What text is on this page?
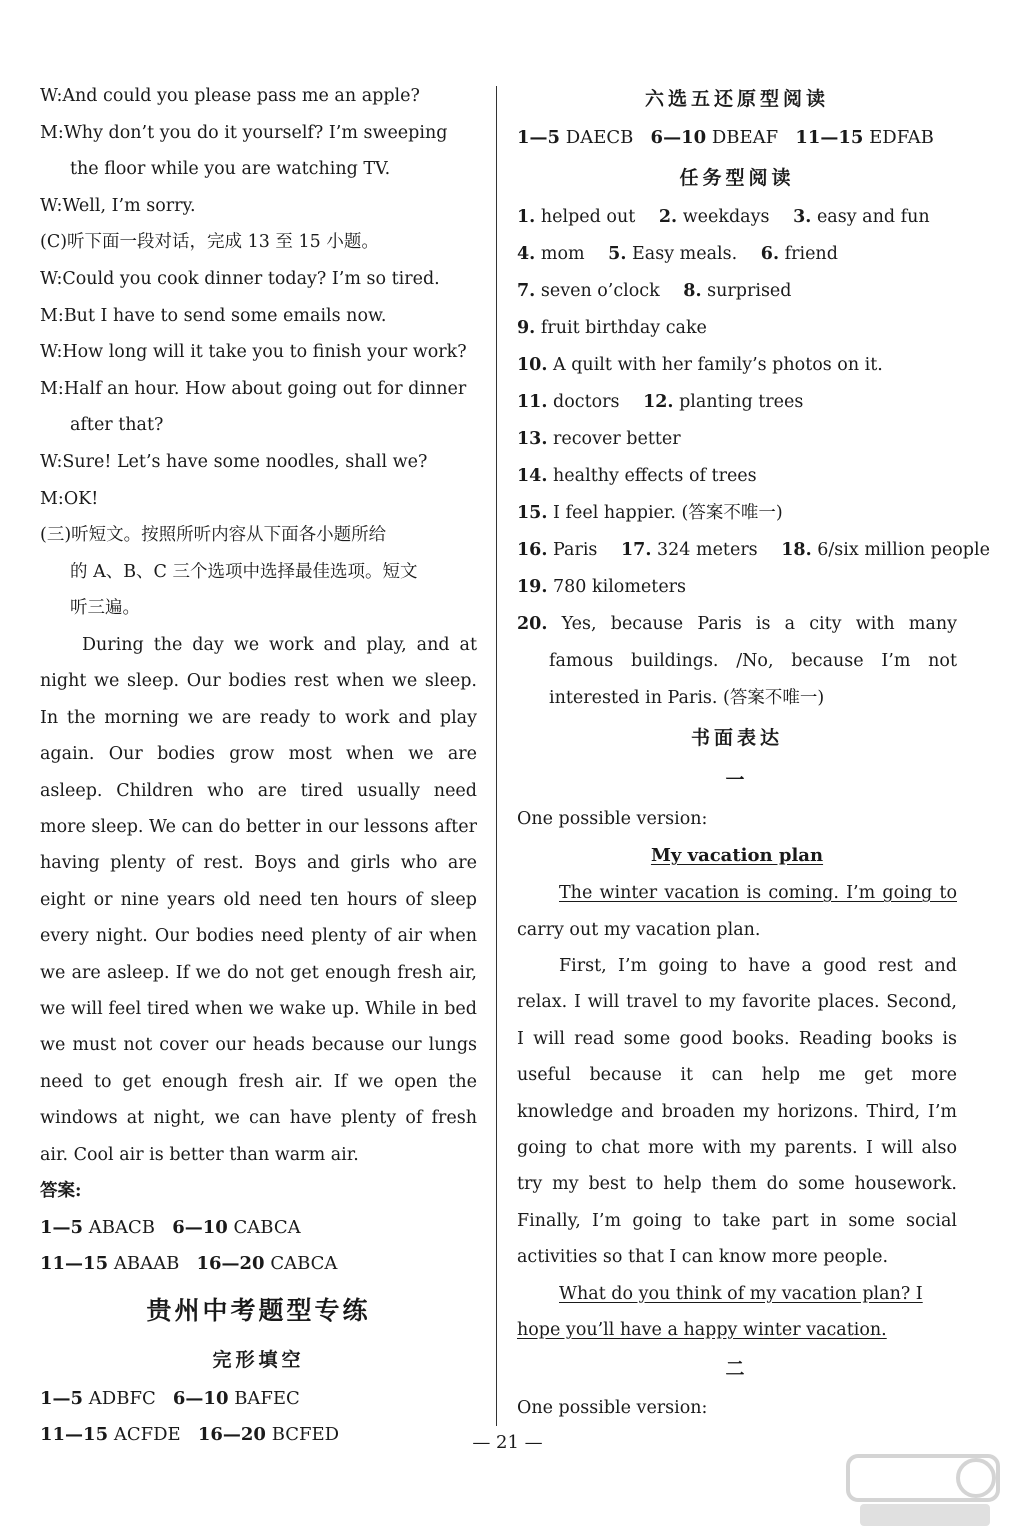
W:And could you please pass me an apple?
M:Why don’t you do it yourself? I’m sweeping
the floor while you are watching TV.
W:Well, I’m sorry.
(C)听下面一段对话，完成 13 至 15 小题。
W:Could you cook dinner today? I’m so tired.
M:But I have to send some emails now.
W:How long will it take you to finish your work?
M:Half an hour. How about going out for dinner
after that?
W:Sure! Let’s have some noodles, shall we?
M:OK!
(三)听短文。按照所听内容从下面各小题所给
的 A、B、C 三个选项中选择最佳选项。短文
听三遍。
During the day we work and play, and at night we sleep. Our bodies rest when we sleep. In the morning we are ready to work and play again. Our bodies grow most when we are asleep. Children who are tired usually need more sleep. We can do better in our lessons after having plenty of rest. Boys and girls who are eight or nine years old need ten hours of sleep every night. Our bodies need plenty of air when we are asleep. If we do not get enough fresh air, we will feel tired when we wake up. While in bed we must not cover our heads because our lungs need to get enough fresh air. If we open the windows at night, we can have plenty of fresh air. Cool air is better than warm air.
答案:
1—5 ABACB 6—10 CABCA
11—15 ABAAB 16—20 CABCA
贵州中考题型专练
完形填空
1—5 ADBFC 6—10 BAFEC
11—15 ACFDE 16—20 BCFED
六选五还原型阅读
1—5 DAECB 6—10 DBEAF 11—15 EDFAB
任务型阅读
1. helped out 2. weekdays 3. easy and fun
4. mom 5. Easy meals. 6. friend
7. seven o’clock 8. surprised
9. fruit birthday cake
10. A quilt with her family’s photos on it.
11. doctors 12. planting trees
13. recover better
14. healthy effects of trees
15. I feel happier. (答案不唯一)
16. Paris 17. 324 meters 18. 6/six million people
19. 780 kilometers
20. Yes, because Paris is a city with many famous buildings. /No, because I’m not interested in Paris. (答案不唯一)
书面表达
一
One possible version:
My vacation plan
The winter vacation is coming. I’m going to carry out my vacation plan.
First, I’m going to have a good rest and relax. I will travel to my favorite places. Second, I will read some good books. Reading books is useful because it can help me get more knowledge and broaden my horizons. Third, I’m going to chat more with my parents. I will also try my best to help them do some housework. Finally, I’m going to take part in some social activities so that I can know more people.
What do you think of my vacation plan? I
hope you’ll have a happy winter vacation.
二
One possible version:
— 21 —
